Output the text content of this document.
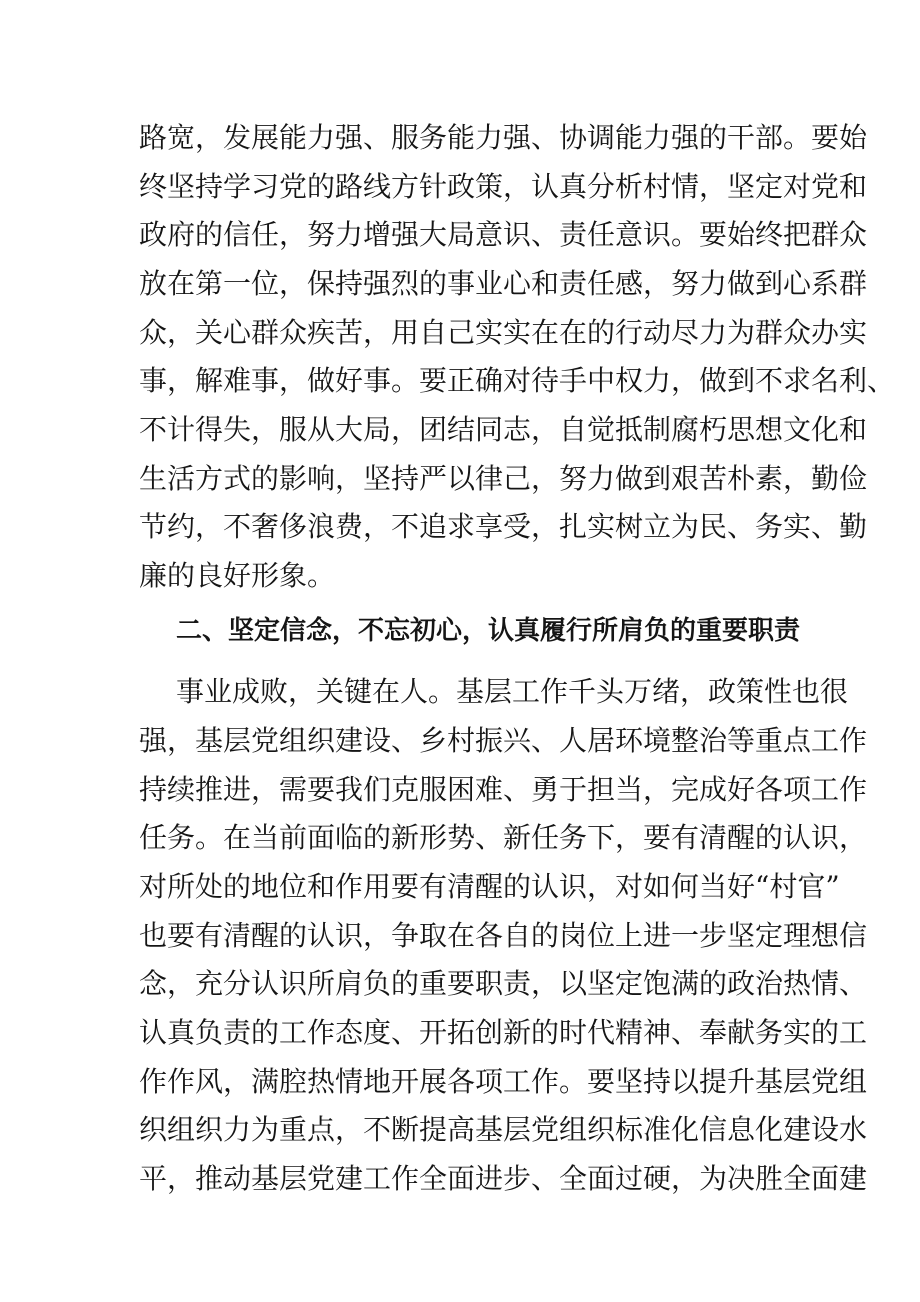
路宽，发展能力强、服务能力强、协调能力强的干部。要始
终坚持学习党的路线方针政策，认真分析村情，坚定对党和
政府的信任，努力增强大局意识、责任意识。要始终把群众
放在第一位，保持强烈的事业心和责任感，努力做到心系群
众，关心群众疾苦，用自己实实在在的行动尽力为群众办实
事，解难事，做好事。要正确对待手中权力，做到不求名利、
不计得失，服从大局，团结同志，自觉抵制腐朽思想文化和
生活方式的影响，坚持严以律己，努力做到艰苦朴素，勤俭
节约，不奢侈浪费，不追求享受，扎实树立为民、务实、勤
廉的良好形象。
二、坚定信念，不忘初心，认真履行所肩负的重要职责
事业成败，关键在人。基层工作千头万绪，政策性也很
强，基层党组织建设、乡村振兴、人居环境整治等重点工作
持续推进，需要我们克服困难、勇于担当，完成好各项工作
任务。在当前面临的新形势、新任务下，要有清醒的认识，
对所处的地位和作用要有清醒的认识，对如何当好“村官”
也要有清醒的认识，争取在各自的岗位上进一步坚定理想信
念，充分认识所肩负的重要职责，以坚定饱满的政治热情、
认真负责的工作态度、开拓创新的时代精神、奉献务实的工
作作风，满腔热情地开展各项工作。要坚持以提升基层党组
织组织力为重点，不断提高基层党组织标准化信息化建设水
平，推动基层党建工作全面进步、全面过硬，为决胜全面建
